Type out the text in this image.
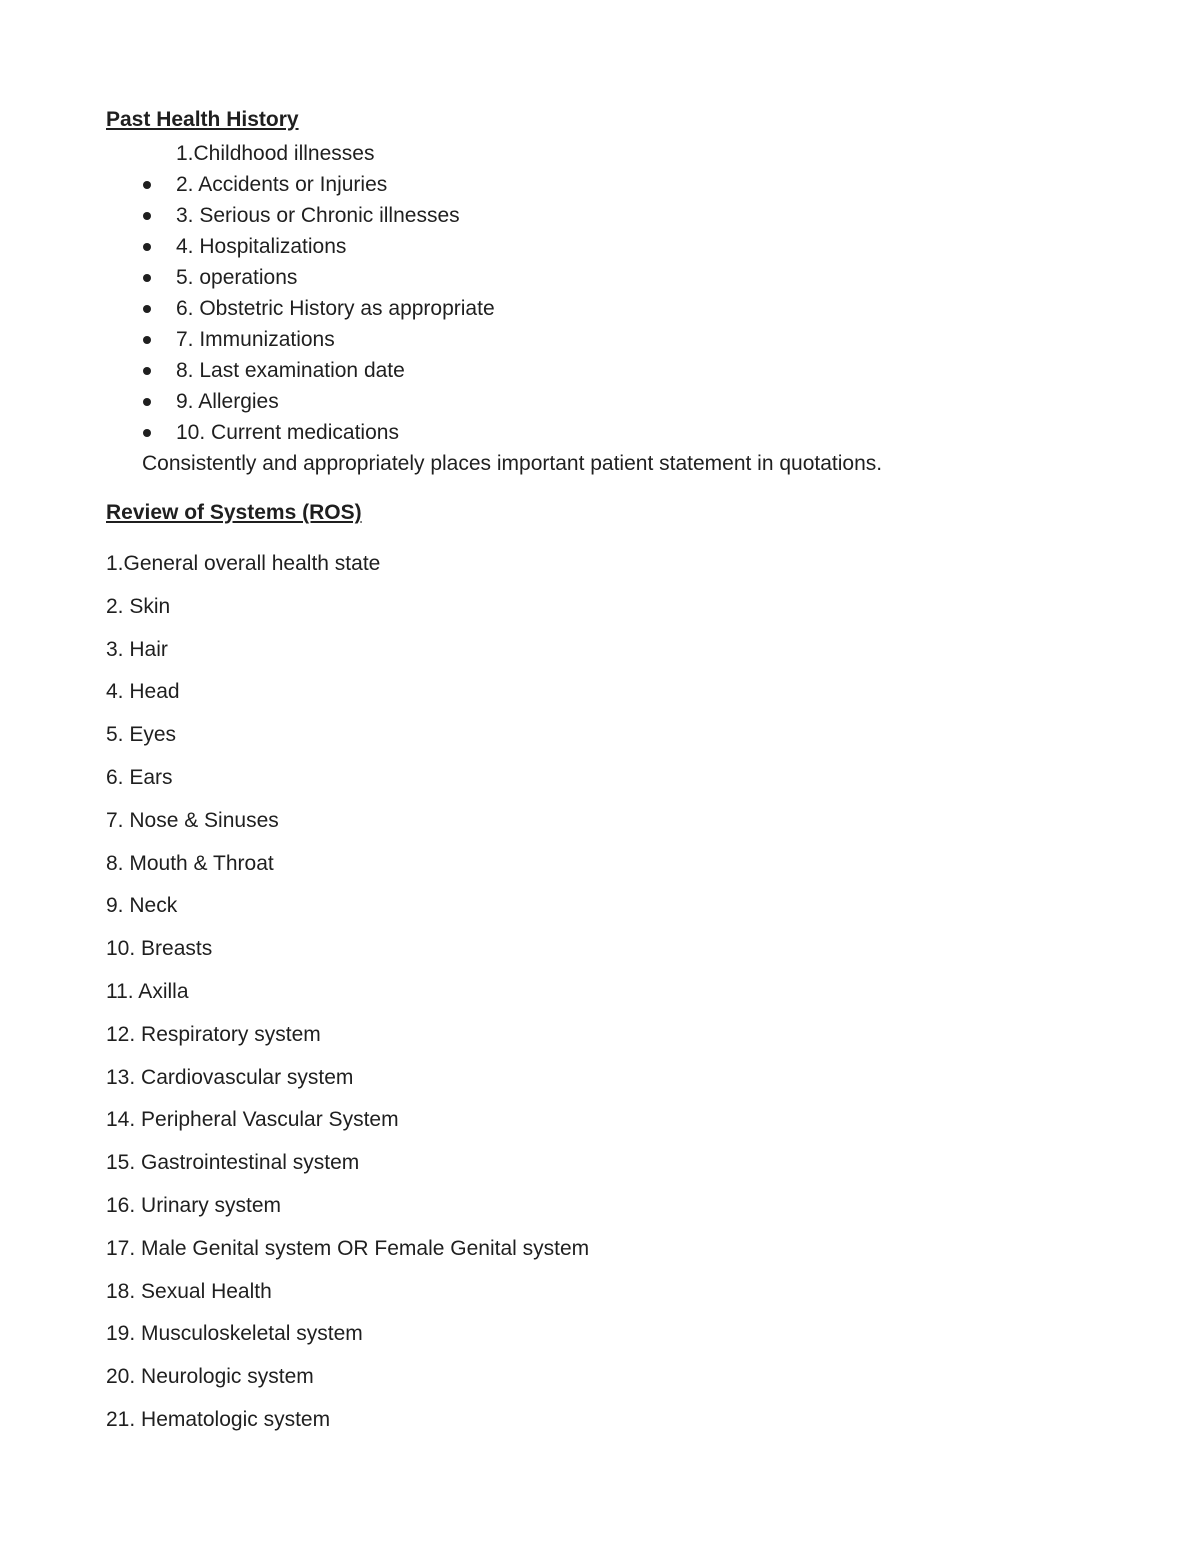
Past Health History
1.Childhood illnesses
2. Accidents or Injuries
3. Serious or Chronic illnesses
4. Hospitalizations
5. operations
6. Obstetric History as appropriate
7. Immunizations
8. Last examination date
9. Allergies
10. Current medications
Consistently and appropriately places important patient statement in quotations.
Review of Systems (ROS)
1.General overall health state
2. Skin
3. Hair
4. Head
5. Eyes
6. Ears
7. Nose & Sinuses
8. Mouth & Throat
9. Neck
10. Breasts
11. Axilla
12. Respiratory system
13. Cardiovascular system
14. Peripheral Vascular System
15. Gastrointestinal system
16. Urinary system
17. Male Genital system OR Female Genital system
18. Sexual Health
19. Musculoskeletal system
20. Neurologic system
21. Hematologic system
